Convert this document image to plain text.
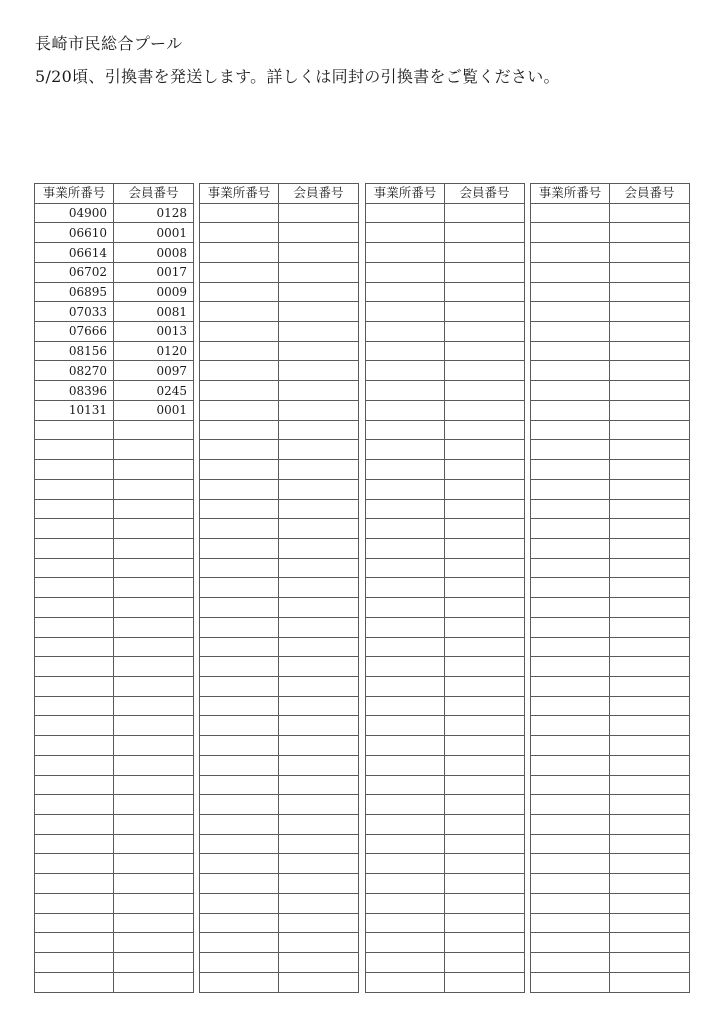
長崎市民総合プール
5/20頃、引換書を発送します。詳しくは同封の引換書をご覧ください。
事業所番号	会員番号
04900	0128
06610	0001
06614	0008
06702	0017
06895	0009
07033	0081
07666	0013
08156	0120
08270	0097
08396	0245
10131	0001

事業所番号	会員番号

	事業所番号	会員番号

	事業所番号	会員番号
